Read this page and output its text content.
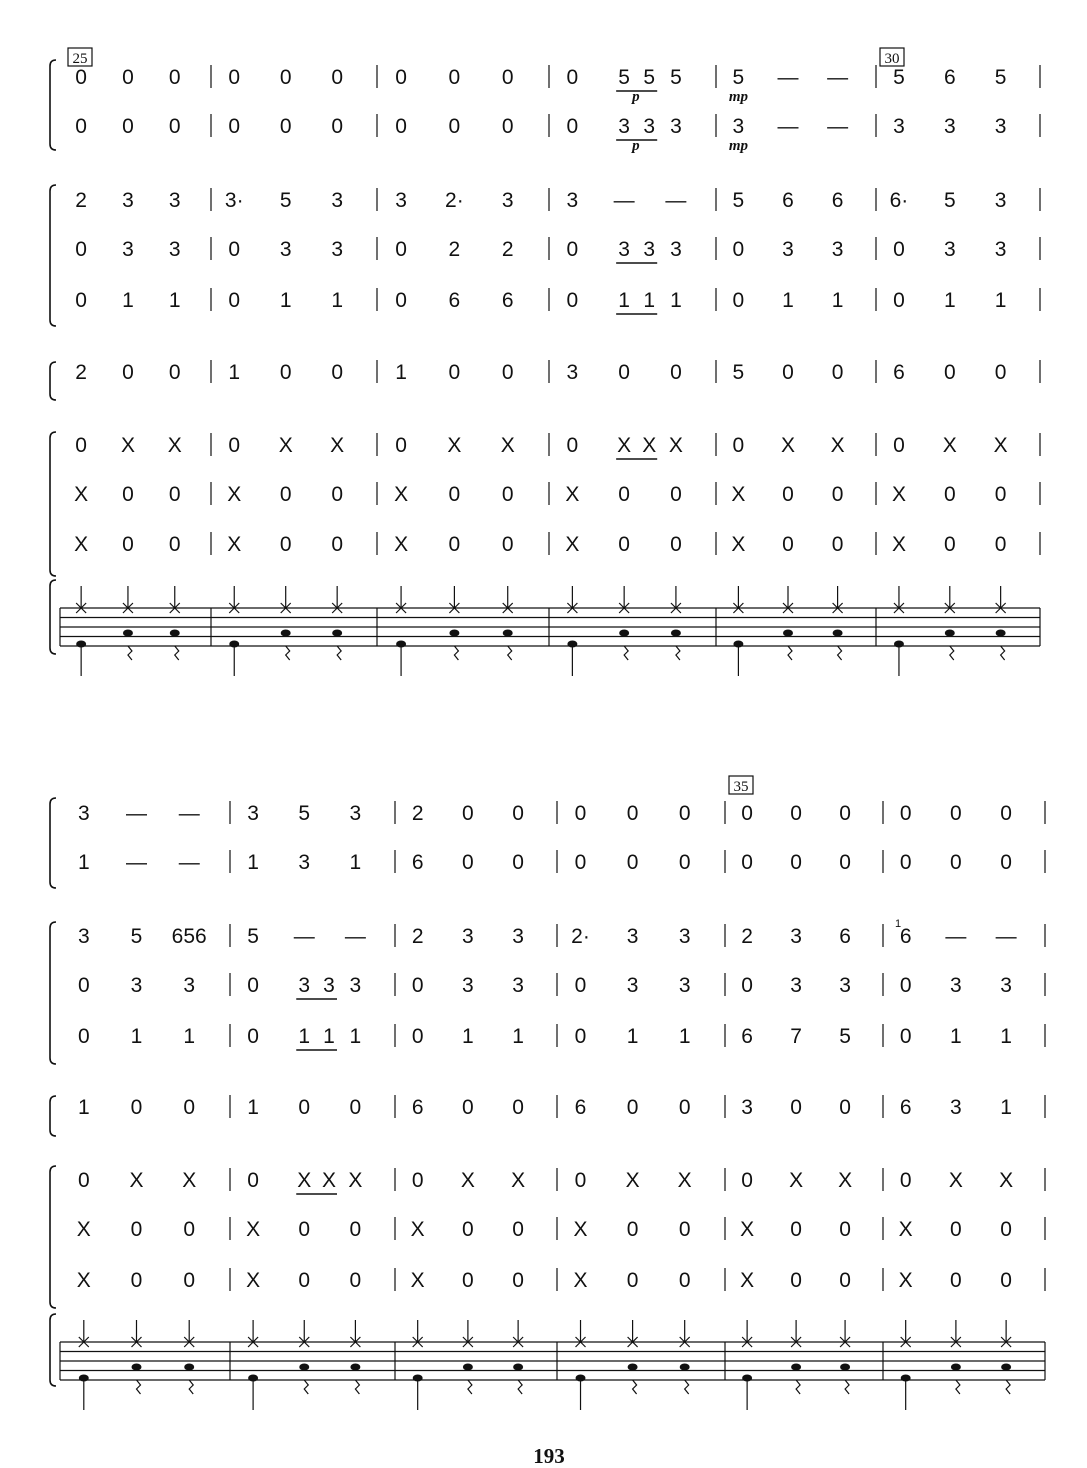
0 0 0 0 0 0 0 0 0	0 5 5 5 5 — — 5 6 5
0 0 0 0 0 0 0 0 0	0 3 3 3 3 — — 3 3 3
2 3 3 3· 5 3 3 2· 3	3 — — 5 6 6 6· 5 3
0 3 3 0 3 3 0 2 2	0 3 3 3 0 3 3 0 3 3
0 1 1 0 1 1 0 6 6	0 1 1 1 0 1 1 0 1 1
2 0 0 1 0 0 1 0 0	3 0 0 5 0 0 6 0 0
0 X X 0 X X 0 X X 0 X X X 0 X X 0 X X
X 0 0 X 0 0 X 0 0 X 0 0 X 0 0 X 0 0
X 0 0 X 0 0 X 0 0 X 0 0 X 0 0 X 0 0
25	30
p
p
mp
mp
3 — — 3 5 3 2 0 0 0 0 0 0 0 0 0 0 0
1 — — 1 3 1 6 0 0 0 0 0 0 0 0 0 0 0
3 5 656 5 — — 2 3 3 2· 3 3 2 3 6 6 — —
0 3 3 0 3 3 3 0 3 3 0 3 3 0 3 3 0 3 3
0 1 1 0 1 1 1 0 1 1 0 1 1 6 7 5 0 1 1
1 0 0 1 0 0 6 0 0 6 0 0 3 0 0 6 3 1
0 X X 0 X X X 0 X X 0 X X 0 X X 0 X X
X 0 0 X 0 0 X 0 0 X 0 0 X 0 0 X 0 0
X 0 0 X 0 0 X 0 0 X 0 0 X 0 0 X 0 0
35
1
193
